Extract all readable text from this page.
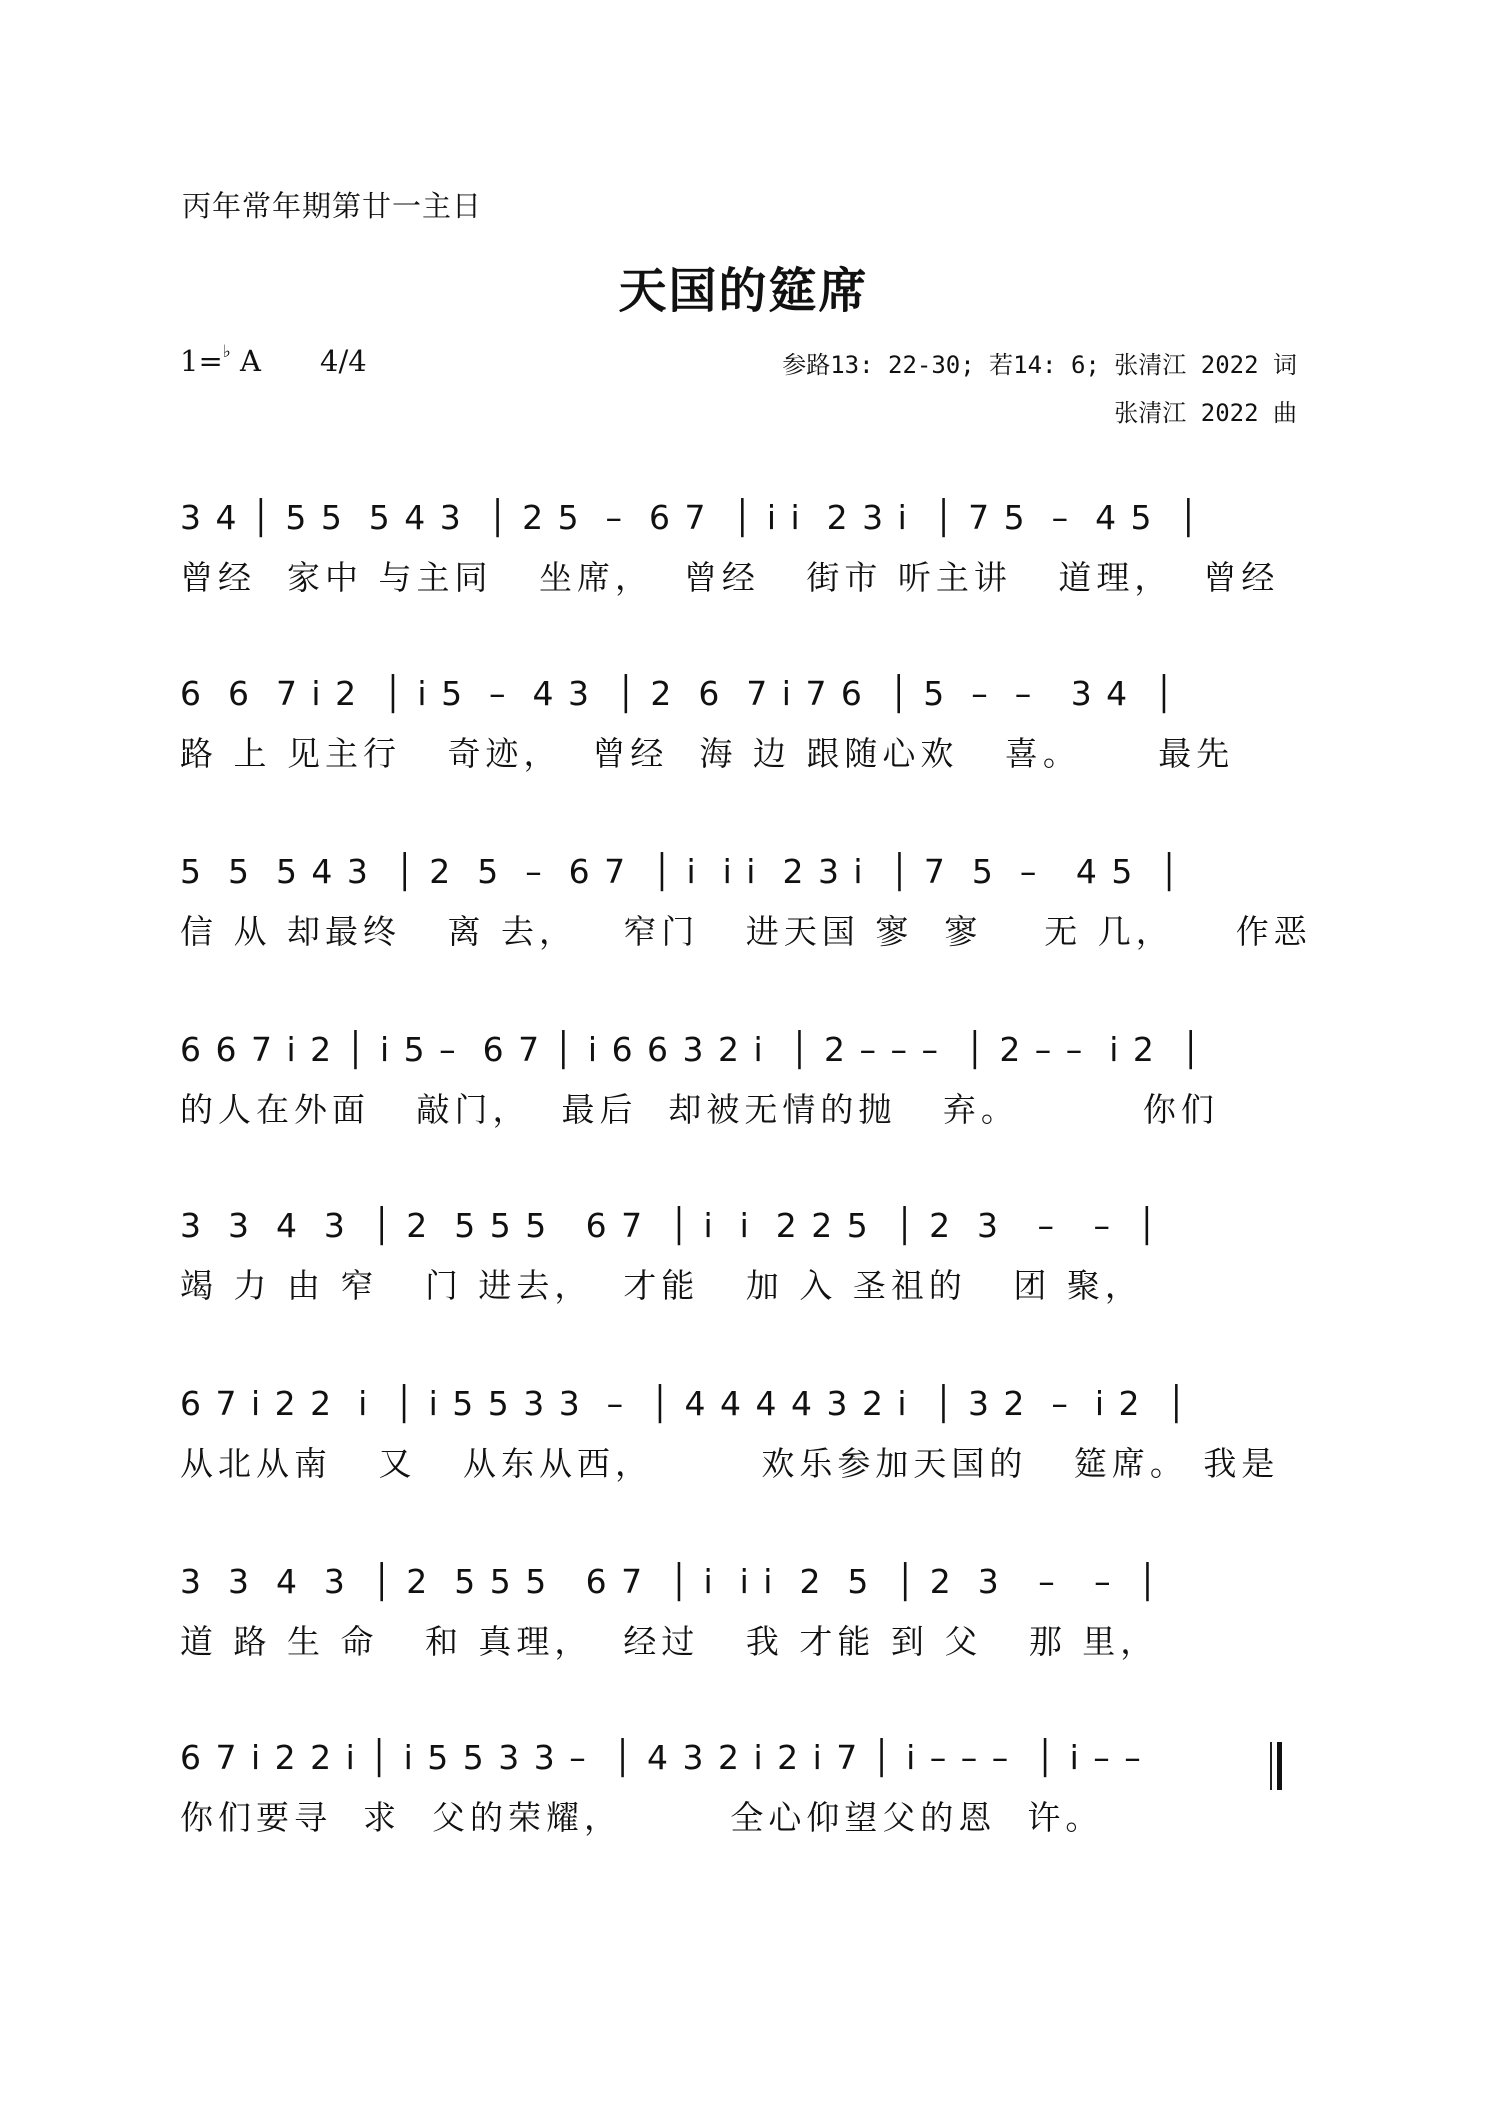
丙年常年期第廿一主日
天国的筵席
1=♭ A 4/4	参路13: 22-30; 若14: 6; 张清江 2022 词
张清江 2022 曲
3 4 │ 5 5  5 4 3  │ 2 5  –  6 7  │ i i  2 3 i  │ 7 5  –  4 5  │
曾经  家中 与主同   坐席，  曾经   街市 听主讲   道理，  曾经
6  6  7 i 2  │ i 5  –  4 3  │ 2  6  7 i 7 6  │ 5  –  –   3 4  │
路 上 见主行   奇迹，  曾经  海 边 跟随心欢   喜。     最先
5  5  5 4 3  │ 2  5  –  6 7  │ i  i i  2 3 i  │ 7  5  –   4 5  │
信 从 却最终   离 去，   窄门   进天国 寥  寥    无 几，    作恶
6 6 7 i 2 │ i 5 –  6 7 │ i 6 6 3 2 i  │ 2 – – –  │ 2 – –  i 2  │
的人在外面   敲门，  最后  却被无情的抛   弃。        你们
3  3  4  3  │ 2  5 5 5   6 7  │ i  i  2 2 5  │ 2  3   –   –  │
竭 力 由 窄   门 进去，  才能   加 入 圣祖的   团 聚，
6 7 i 2 2  i  │ i 5 5 3 3  –  │ 4 4 4 4 3 2 i  │ 3 2  –  i 2  │
从北从南   又   从东从西，       欢乐参加天国的   筵席。 我是
3  3  4  3  │ 2  5 5 5   6 7  │ i  i i  2  5  │ 2  3   –   –  │
道 路 生 命   和 真理，  经过   我 才能 到 父   那 里，
6 7 i 2 2 i │ i 5 5 3 3 –  │ 4 3 2 i 2 i 7 │ i – – –  │ i – –
你们要寻  求  父的荣耀，       全心仰望父的恩  许。
